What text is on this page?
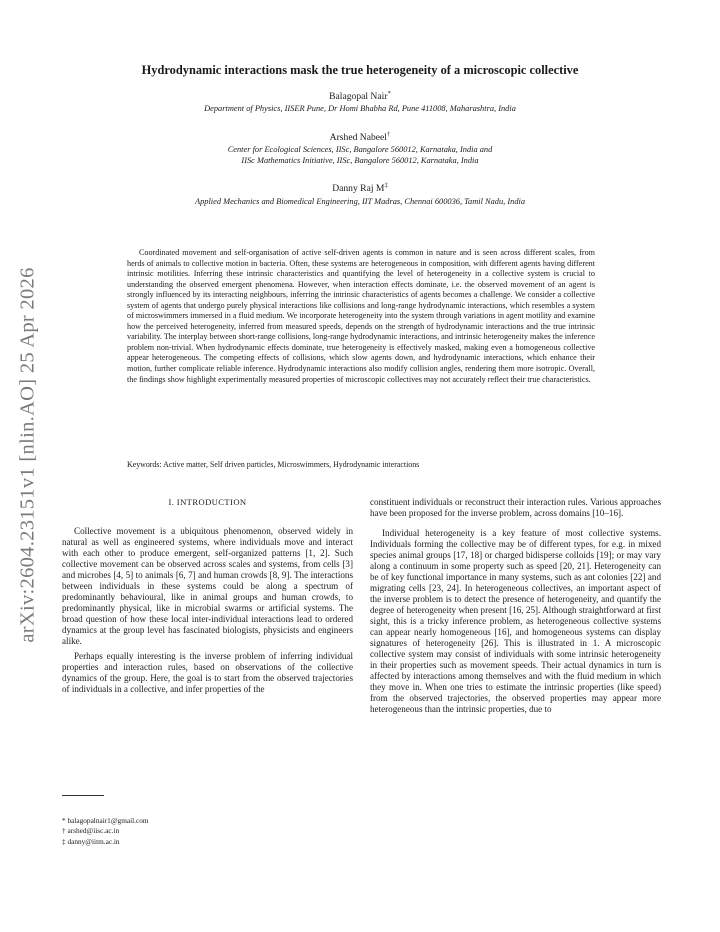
arXiv:2604.23151v1 [nlin.AO] 25 Apr 2026
Hydrodynamic interactions mask the true heterogeneity of a microscopic collective
Balagopal Nair*
Department of Physics, IISER Pune, Dr Homi Bhabha Rd, Pune 411008, Maharashtra, India
Arshed Nabeel†
Center for Ecological Sciences, IISc, Bangalore 560012, Karnataka, India and
IISc Mathematics Initiative, IISc, Bangalore 560012, Karnataka, India
Danny Raj M‡
Applied Mechanics and Biomedical Engineering, IIT Madras, Chennai 600036, Tamil Nadu, India

Coordinated movement and self-organisation of active self-driven agents is common in nature and is seen across different scales, from herds of animals to collective motion in bacteria. Often, these systems are heterogeneous in composition, with different agents having different intrinsic motilities. Inferring these intrinsic characteristics and quantifying the level of heterogeneity in a collective system is crucial to understanding the observed emergent phenomena. However, when interaction effects dominate, i.e. the observed movement of an agent is strongly influenced by its interacting neighbours, inferring the intrinsic characteristics of agents becomes a challenge. We consider a collective system of agents that undergo purely physical interactions like collisions and long-range hydrodynamic interactions, which resembles a system of microswimmers immersed in a fluid medium. We incorporate heterogeneity into the system through variations in agent motility and examine how the perceived heterogeneity, inferred from measured speeds, depends on the strength of hydrodynamic interactions and the true intrinsic variability. The interplay between short-range collisions, long-range hydrodynamic interactions, and intrinsic heterogeneity makes the inference problem non-trivial. When hydrodynamic effects dominate, true heterogeneity is effectively masked, making even a homogeneous collective appear heterogeneous. The competing effects of collisions, which slow agents down, and hydrodynamic interactions, which enhance their motion, further complicate reliable inference. Hydrodynamic interactions also modify collision angles, rendering them more isotropic. Overall, the findings show highlight experimentally measured properties of microscopic collectives may not accurately reflect their true characteristics.

Keywords: Active matter, Self driven particles, Microswimmers, Hydrodynamic interactions

I. INTRODUCTION

Collective movement is a ubiquitous phenomenon, observed widely in natural as well as engineered systems, where individuals move and interact with each other to produce emergent, self-organized patterns [1, 2]. Such collective movement can be observed across scales and systems, from cells [3] and microbes [4, 5] to animals [6, 7] and human crowds [8, 9]. The interactions between individuals in these systems could be along a spectrum of predominantly behavioural, like in animal groups and human crowds, to predominantly physical, like in microbial swarms or artificial systems. The broad question of how these local inter-individual interactions lead to ordered dynamics at the group level has fascinated biologists, physicists and engineers alike.

Perhaps equally interesting is the inverse problem of inferring individual properties and interaction rules, based on observations of the collective dynamics of the group. Here, the goal is to start from the observed trajectories of individuals in a collective, and infer properties of the

constituent individuals or reconstruct their interaction rules. Various approaches have been proposed for the inverse problem, across domains [10–16].

Individual heterogeneity is a key feature of most collective systems. Individuals forming the collective may be of different types, for e.g. in mixed species animal groups [17, 18] or charged bidisperse colloids [19]; or may vary along a continuum in some property such as speed [20, 21]. Heterogeneity can be of key functional importance in many systems, such as ant colonies [22] and migrating cells [23, 24]. In heterogeneous collectives, an important aspect of the inverse problem is to detect the presence of heterogeneity, and quantify the degree of heterogeneity when present [16, 25]. Although straightforward at first sight, this is a tricky inference problem, as heterogeneous collective systems can appear nearly homogeneous [16], and homogeneous systems can display signatures of heterogeneity [26]. This is illustrated in 1. A microscopic collective system may consist of individuals with some intrinsic heterogeneity in their properties such as movement speeds. Their actual dynamics in turn is affected by interactions among themselves and with the fluid medium in which they move in. When one tries to estimate the intrinsic properties (like speed) from the observed trajectories, the observed properties may appear more heterogeneous than the intrinsic properties, due to

* balagopalnair1@gmail.com
† arshed@iisc.ac.in
‡ danny@iitm.ac.in
